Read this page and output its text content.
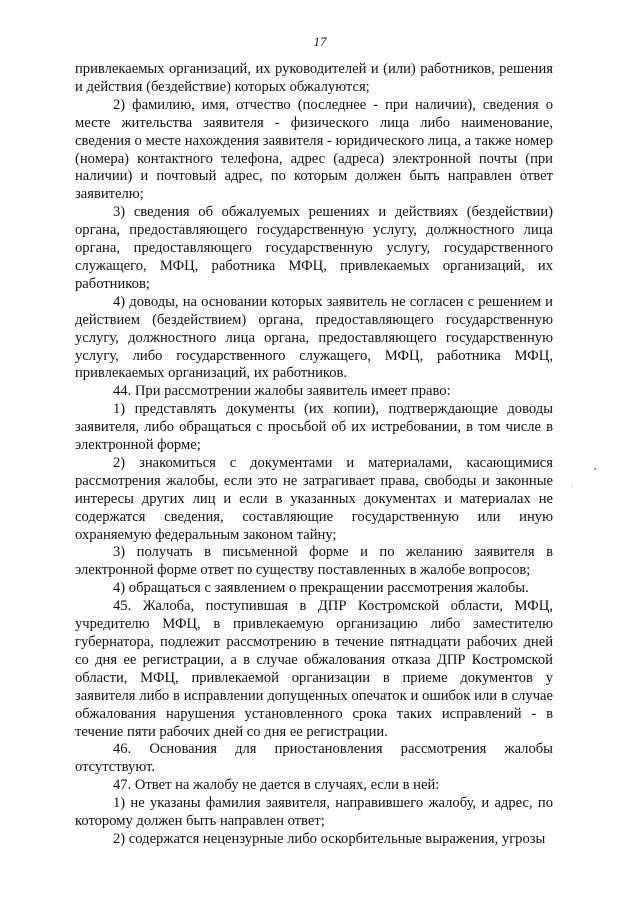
17

привлекаемых организаций, их руководителей и (или) работников, решения и действия (бездействие) которых обжалуются;

2) фамилию, имя, отчество (последнее - при наличии), сведения о месте жительства заявителя - физического лица либо наименование, сведения о месте нахождения заявителя - юридического лица, а также номер (номера) контактного телефона, адрес (адреса) электронной почты (при наличии) и почтовый адрес, по которым должен быть направлен ответ заявителю;

3) сведения об обжалуемых решениях и действиях (бездействии) органа, предоставляющего государственную услугу, должностного лица органа, предоставляющего государственную услугу, государственного служащего, МФЦ, работника МФЦ, привлекаемых организаций, их работников;

4) доводы, на основании которых заявитель не согласен с решением и действием (бездействием) органа, предоставляющего государственную услугу, должностного лица органа, предоставляющего государственную услугу, либо государственного служащего, МФЦ, работника МФЦ, привлекаемых организаций, их работников.

44. При рассмотрении жалобы заявитель имеет право:

1) представлять документы (их копии), подтверждающие доводы заявителя, либо обращаться с просьбой об их истребовании, в том числе в электронной форме;

2) знакомиться с документами и материалами, касающимися рассмотрения жалобы, если это не затрагивает права, свободы и законные интересы других лиц и если в указанных документах и материалах не содержатся сведения, составляющие государственную или иную охраняемую федеральным законом тайну;

3) получать в письменной форме и по желанию заявителя в электронной форме ответ по существу поставленных в жалобе вопросов;

4) обращаться с заявлением о прекращении рассмотрения жалобы.

45. Жалоба, поступившая в ДПР Костромской области, МФЦ, учредителю МФЦ, в привлекаемую организацию либо заместителю губернатора, подлежит рассмотрению в течение пятнадцати рабочих дней со дня ее регистрации, а в случае обжалования отказа ДПР Костромской области, МФЦ, привлекаемой организации в приеме документов у заявителя либо в исправлении допущенных опечаток и ошибок или в случае обжалования нарушения установленного срока таких исправлений - в течение пяти рабочих дней со дня ее регистрации.

46. Основания для приостановления рассмотрения жалобы отсутствуют.

47. Ответ на жалобу не дается в случаях, если в ней:

1) не указаны фамилия заявителя, направившего жалобу, и адрес, по которому должен быть направлен ответ;

2) содержатся нецензурные либо оскорбительные выражения, угрозы
